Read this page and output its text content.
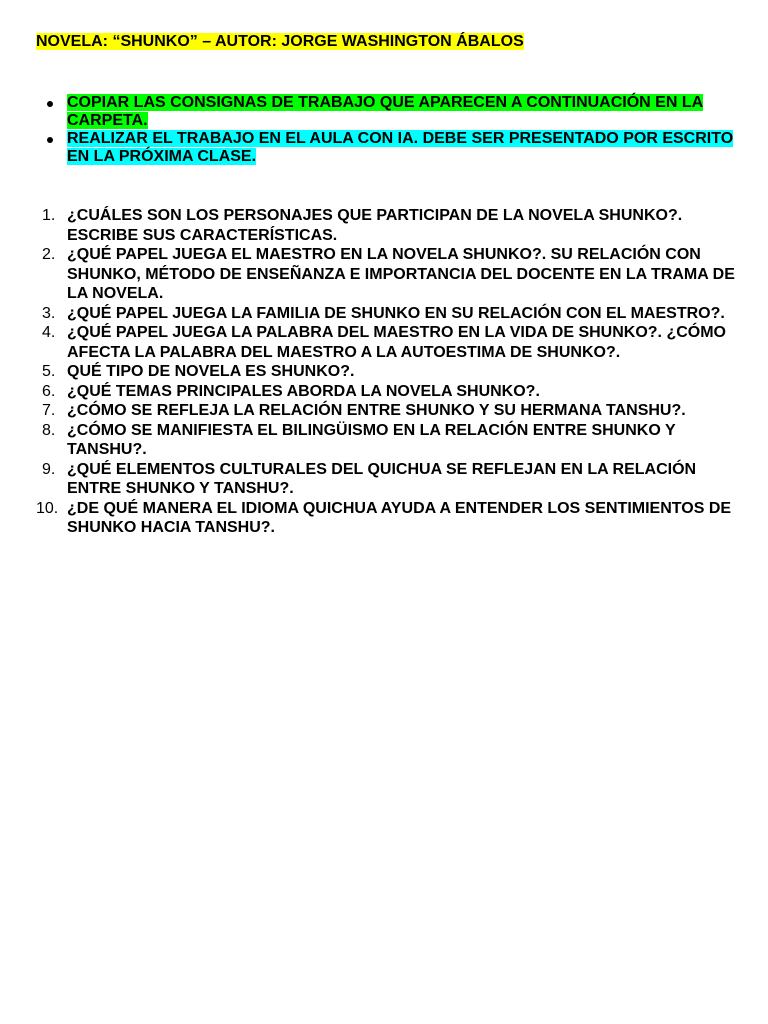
NOVELA: “SHUNKO” – AUTOR: JORGE WASHINGTON ÁBALOS

COPIAR LAS CONSIGNAS DE TRABAJO QUE APARECEN A CONTINUACIÓN EN LA CARPETA.
REALIZAR EL TRABAJO EN EL AULA CON IA. DEBE SER PRESENTADO POR ESCRITO EN LA PRÓXIMA CLASE.
1. ¿CUÁLES SON LOS PERSONAJES QUE PARTICIPAN DE LA NOVELA SHUNKO?. ESCRIBE SUS CARACTERÍSTICAS.
2. ¿QUÉ PAPEL JUEGA EL MAESTRO EN LA NOVELA SHUNKO?. SU RELACIÓN CON SHUNKO, MÉTODO DE ENSEÑANZA E IMPORTANCIA DEL DOCENTE EN LA TRAMA DE LA NOVELA.
3. ¿QUÉ PAPEL JUEGA LA FAMILIA DE SHUNKO EN SU RELACIÓN CON EL MAESTRO?.
4. ¿QUÉ PAPEL JUEGA LA PALABRA DEL MAESTRO EN LA VIDA DE SHUNKO?. ¿CÓMO AFECTA LA PALABRA DEL MAESTRO A LA AUTOESTIMA DE SHUNKO?.
5. QUÉ TIPO DE NOVELA ES SHUNKO?.
6. ¿QUÉ TEMAS PRINCIPALES ABORDA LA NOVELA SHUNKO?.
7. ¿CÓMO SE REFLEJA LA RELACIÓN ENTRE SHUNKO Y SU HERMANA TANSHU?.
8. ¿CÓMO SE MANIFIESTA EL BILINGÜISMO EN LA RELACIÓN ENTRE SHUNKO Y TANSHU?.
9. ¿QUÉ ELEMENTOS CULTURALES DEL QUICHUA SE REFLEJAN EN LA RELACIÓN ENTRE SHUNKO Y TANSHU?.
10. ¿DE QUÉ MANERA EL IDIOMA QUICHUA AYUDA A ENTENDER LOS SENTIMIENTOS DE SHUNKO HACIA TANSHU?.
